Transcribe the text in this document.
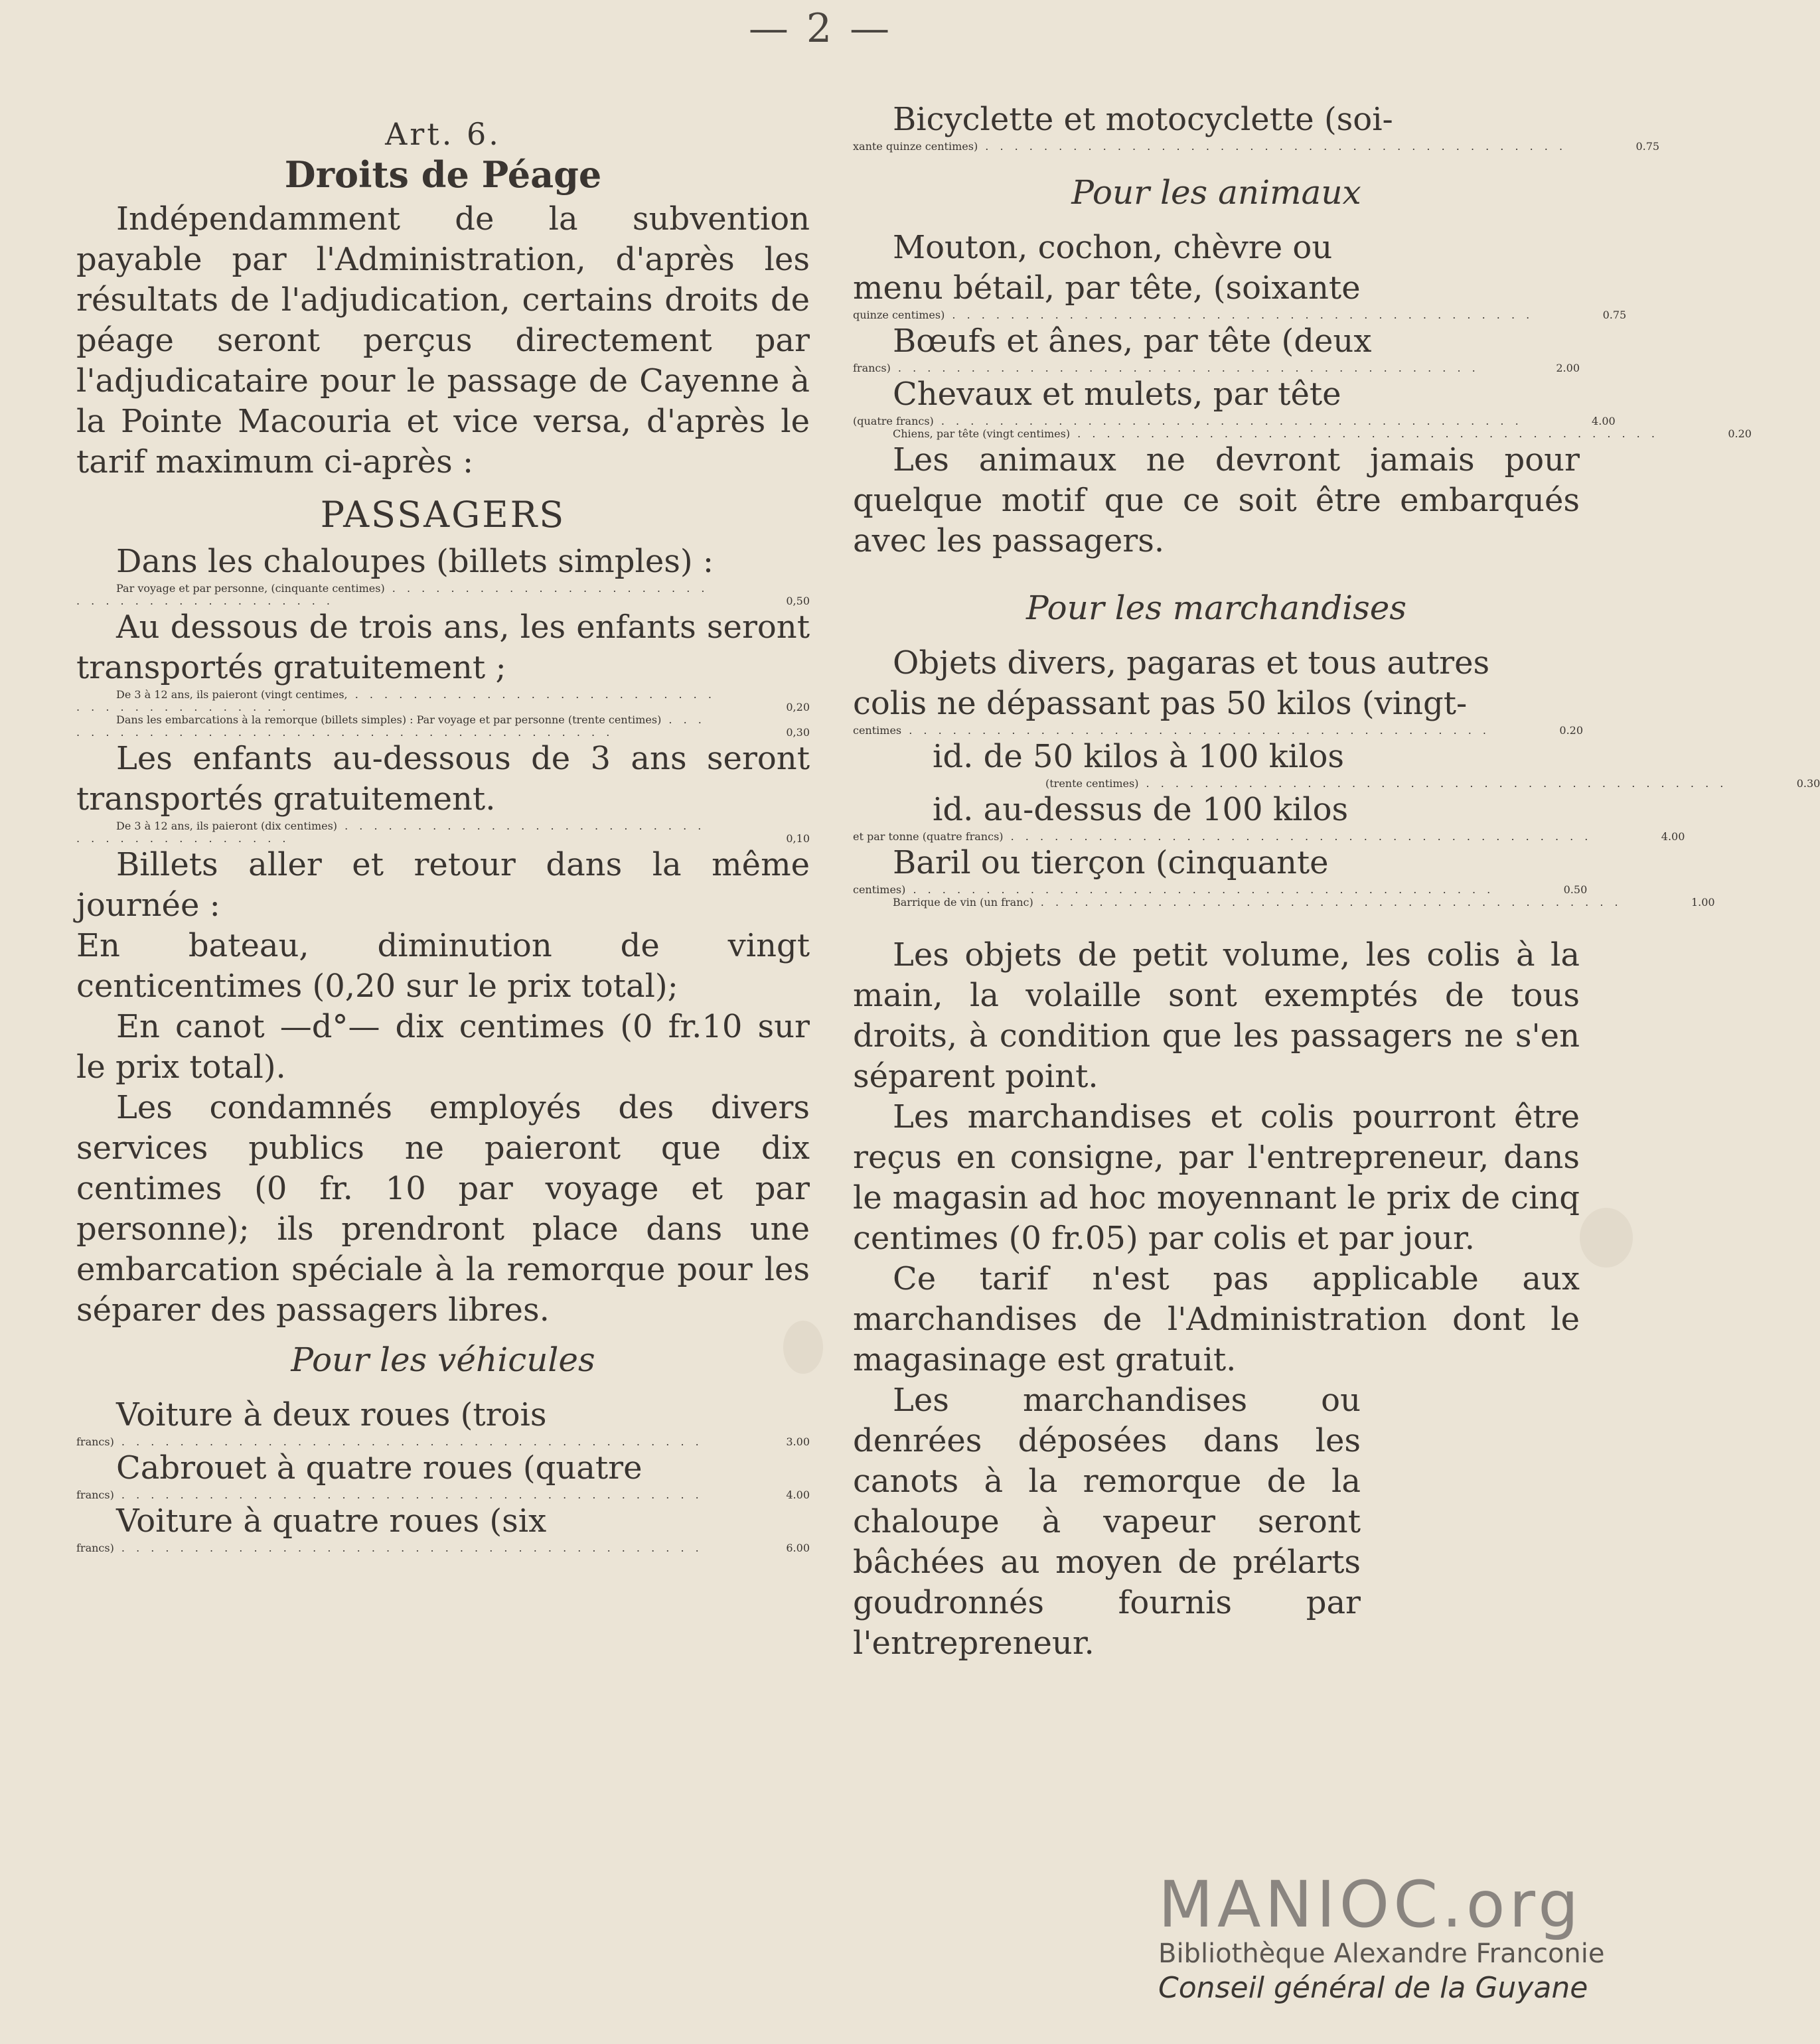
— 2 —

Art. 6.

Droits de Péage

Indépendamment de la subvention payable par l'Administration, d'après les résultats de l'adjudication, certains droits de péage seront perçus directement par l'adjudicataire pour le passage de Cayenne à la Pointe Macouria et vice versa, d'après le tarif maximum ci-après :

PASSAGERS

Dans les chaloupes (billets simples) :

Par voyage et par personne, (cinquante centimes) . . .
0,50

Au dessous de trois ans, les enfants seront transportés gratuitement ;

De 3 à 12 ans, ils paieront (vingt centimes, . . .
0,20
Dans les embarcations à la remorque (billets simples) : Par voyage et par personne (trente centimes) . . .
0,30

Les enfants au-dessous de 3 ans seront transportés gratuitement.

De 3 à 12 ans, ils paieront (dix centimes) . . .
0,10

Billets aller et retour dans la même journée :

En bateau, diminution de vingt centicentimes (0,20 sur le prix total);

En canot —d°— dix centimes (0 fr.10 sur le prix total).

Les condamnés employés des divers services publics ne paieront que dix centimes (0 fr. 10 par voyage et par personne); ils prendront place dans une embarcation spéciale à la remorque pour les séparer des passagers libres.

Pour les véhicules

Voiture à deux roues (trois

francs) . . .	3.00

Cabrouet à quatre roues (quatre

francs) . . .	4.00

Voiture à quatre roues (six

francs) . . .	6.00

Bicyclette et motocyclette (soi-

xante quinze centimes) . . .	0.75

Pour les animaux

Mouton, cochon, chèvre ou

menu bétail, par tête, (soixante

quinze centimes) . . .	0.75

Bœufs et ânes, par tête (deux

francs) . . .	2.00

Chevaux et mulets, par tête

(quatre francs) . . .	4.00
Chiens, par tête (vingt centimes) . . .	0.20

Les animaux ne devront jamais pour quelque motif que ce soit être embarqués avec les passagers.

Pour les marchandises

Objets divers, pagaras et tous autres

colis ne dépassant pas 50 kilos (vingt-

centimes . . .	0.20

id. de 50 kilos à 100 kilos

(trente centimes) . . .	0.30

id. au-dessus de 100 kilos

et par tonne (quatre francs) . . .	4.00

Baril ou tierçon (cinquante

centimes) . . .	0.50
Barrique de vin (un franc) . . .	1.00

Les objets de petit volume, les colis à la main, la volaille sont exemptés de tous droits, à condition que les passagers ne s'en séparent point.

Les marchandises et colis pourront être reçus en consigne, par l'entrepreneur, dans le magasin ad hoc moyennant le prix de cinq centimes (0 fr.05) par colis et par jour.

Ce tarif n'est pas applicable aux marchandises de l'Administration dont le magasinage est gratuit.

Les marchandises ou denrées déposées dans les canots à la remorque de la chaloupe à vapeur seront bâchées au moyen de prélarts goudronnés fournis par l'entrepreneur.

MANIOC.org
Bibliothèque Alexandre Franconie
Conseil général de la Guyane
